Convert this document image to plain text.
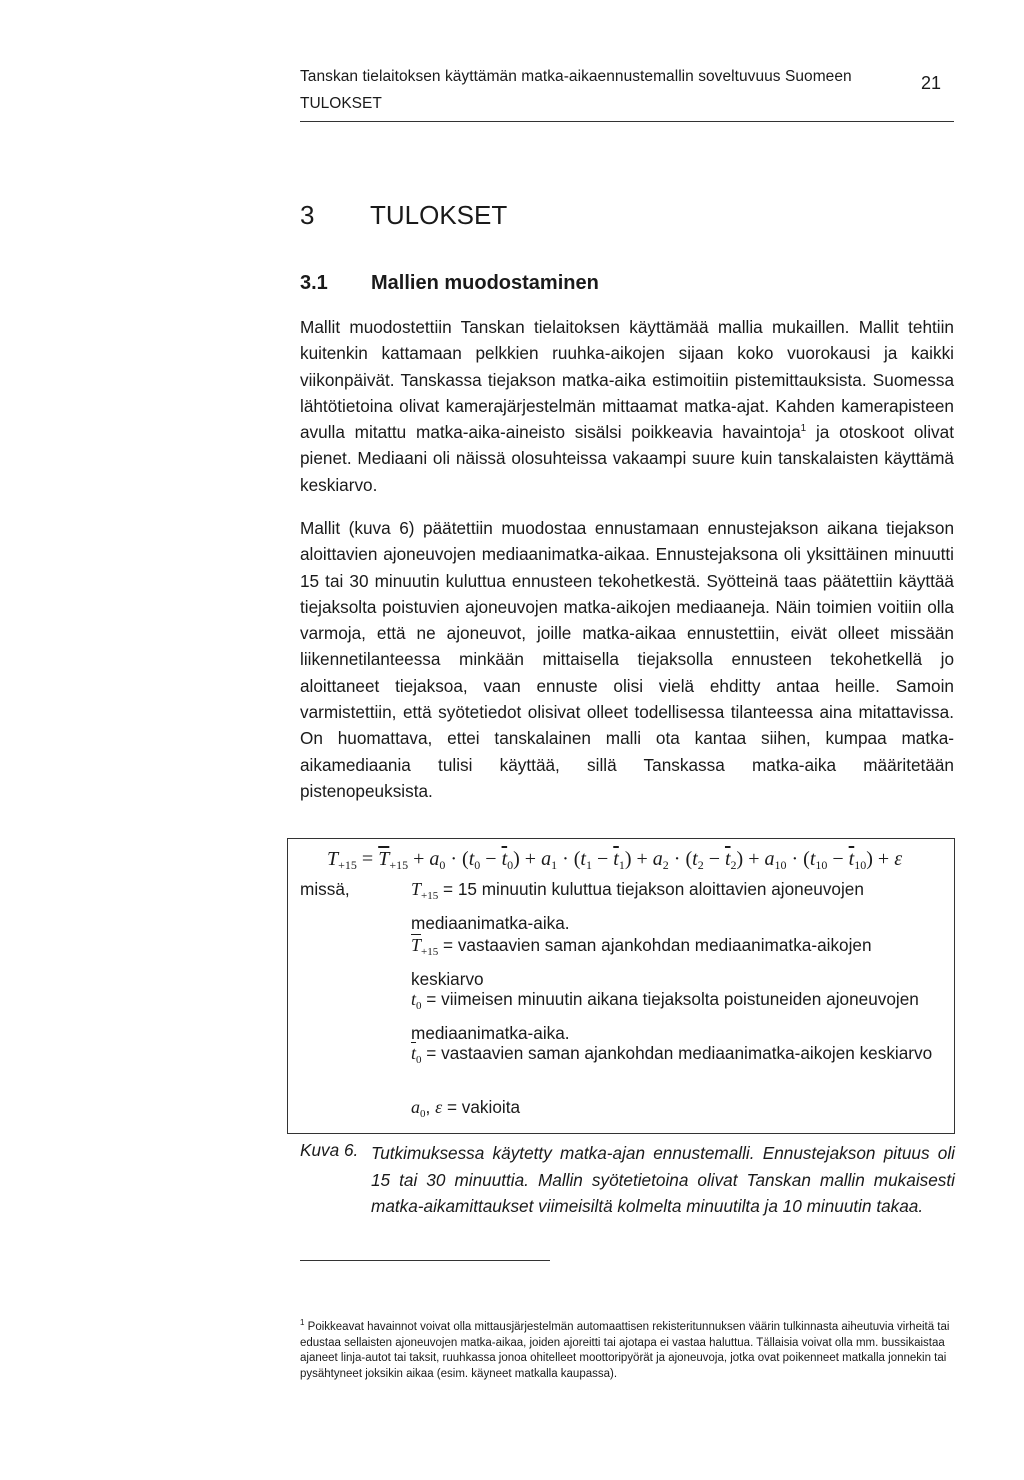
Tanskan tielaitoksen käyttämän matka-aikaennustemallin soveltuvuus Suomeen
TULOKSET
21
3 TULOKSET
3.1 Mallien muodostaminen
Mallit muodostettiin Tanskan tielaitoksen käyttämää mallia mukaillen. Mallit tehtiin kuitenkin kattamaan pelkkien ruuhka-aikojen sijaan koko vuorokausi ja kaikki viikonpäivät. Tanskassa tiejakson matka-aika estimoitiin pistemittauksista. Suomessa lähtötietoina olivat kamerajärjestelmän mittaamat matka-ajat. Kahden kamerapisteen avulla mitattu matka-aika-aineisto sisälsi poikkeavia havaintoja$^1$ ja otoskoot olivat pienet. Mediaani oli näissä olosuhteissa vakaampi suure kuin tanskalaisten käyttämä keskiarvo.
Mallit (kuva 6) päätettiin muodostaa ennustamaan ennustejakson aikana tiejakson aloittavien ajoneuvojen mediaanimatka-aikaa. Ennustejaksona oli yksittäinen minuutti 15 tai 30 minuutin kuluttua ennusteen tekohetkestä. Syötteinä taas päätettiin käyttää tiejaksolta poistuvien ajoneuvojen matka-aikojen mediaaneja. Näin toimien voitiin olla varmoja, että ne ajoneuvot, joille matka-aikaa ennustettiin, eivät olleet missään liikennetilanteessa minkään mittaisella tiejaksolla ennusteen tekohetkellä jo aloittaneet tiejaksoa, vaan ennuste olisi vielä ehditty antaa heille. Samoin varmistettiin, että syötetiedot olisivat olleet todellisessa tilanteessa aina mitattavissa. On huomattava, ettei tanskalainen malli ota kantaa siihen, kumpaa matka-aikamediaania tulisi käyttää, sillä Tanskassa matka-aika määritetään pistenopeuksista.
$T_{+15} = \overline{T}_{+15} + a_0 \cdot (t_0 - \overline{t}_0) + a_1 \cdot (t_1 - \overline{t}_1) + a_2 \cdot (t_2 - \overline{t}_2) + a_{10} \cdot (t_{10} - \overline{t}_{10}) + \varepsilon$
missä,	$T_{+15} = 15$ minuutin kuluttua tiejakson aloittavien ajoneuvojen mediaanimatka-aika.
$\overline{T}_{+15}$ = vastaavien saman ajankohdan mediaanimatka-aikojen keskiarvo
$t_0$ = viimeisen minuutin aikana tiejaksolta poistuneiden ajoneuvojen mediaanimatka-aika.
$\overline{t}_0$ = vastaavien saman ajankohdan mediaanimatka-aikojen keskiarvo
$a_0$, ε = vakioita
Kuva 6. Tutkimuksessa käytetty matka-ajan ennustemalli. Ennustejakson pituus oli 15 tai 30 minuuttia. Mallin syötetietoina olivat Tanskan mallin mukaisesti matka-aikamittaukset viimeisiltä kolmelta minuutilta ja 10 minuutin takaa.
$^1$ Poikkeavat havainnot voivat olla mittausjärjestelmän automaattisen rekisteritunnuksen väärin tulkinnasta aiheutuvia virheitä tai edustaa sellaisten ajoneuvojen matka-aikaa, joiden ajoreitti tai ajotapa ei vastaa haluttua. Tällaisia voivat olla mm. bussikaistaa ajaneet linja-autot tai taksit, ruuhkassa jonoa ohitelleet moottoripyörät ja ajoneuvoja, jotka ovat poikenneet matkalla jonnekin tai pysähtyneet joksikin aikaa (esim. käyneet matkalla kaupassa).
